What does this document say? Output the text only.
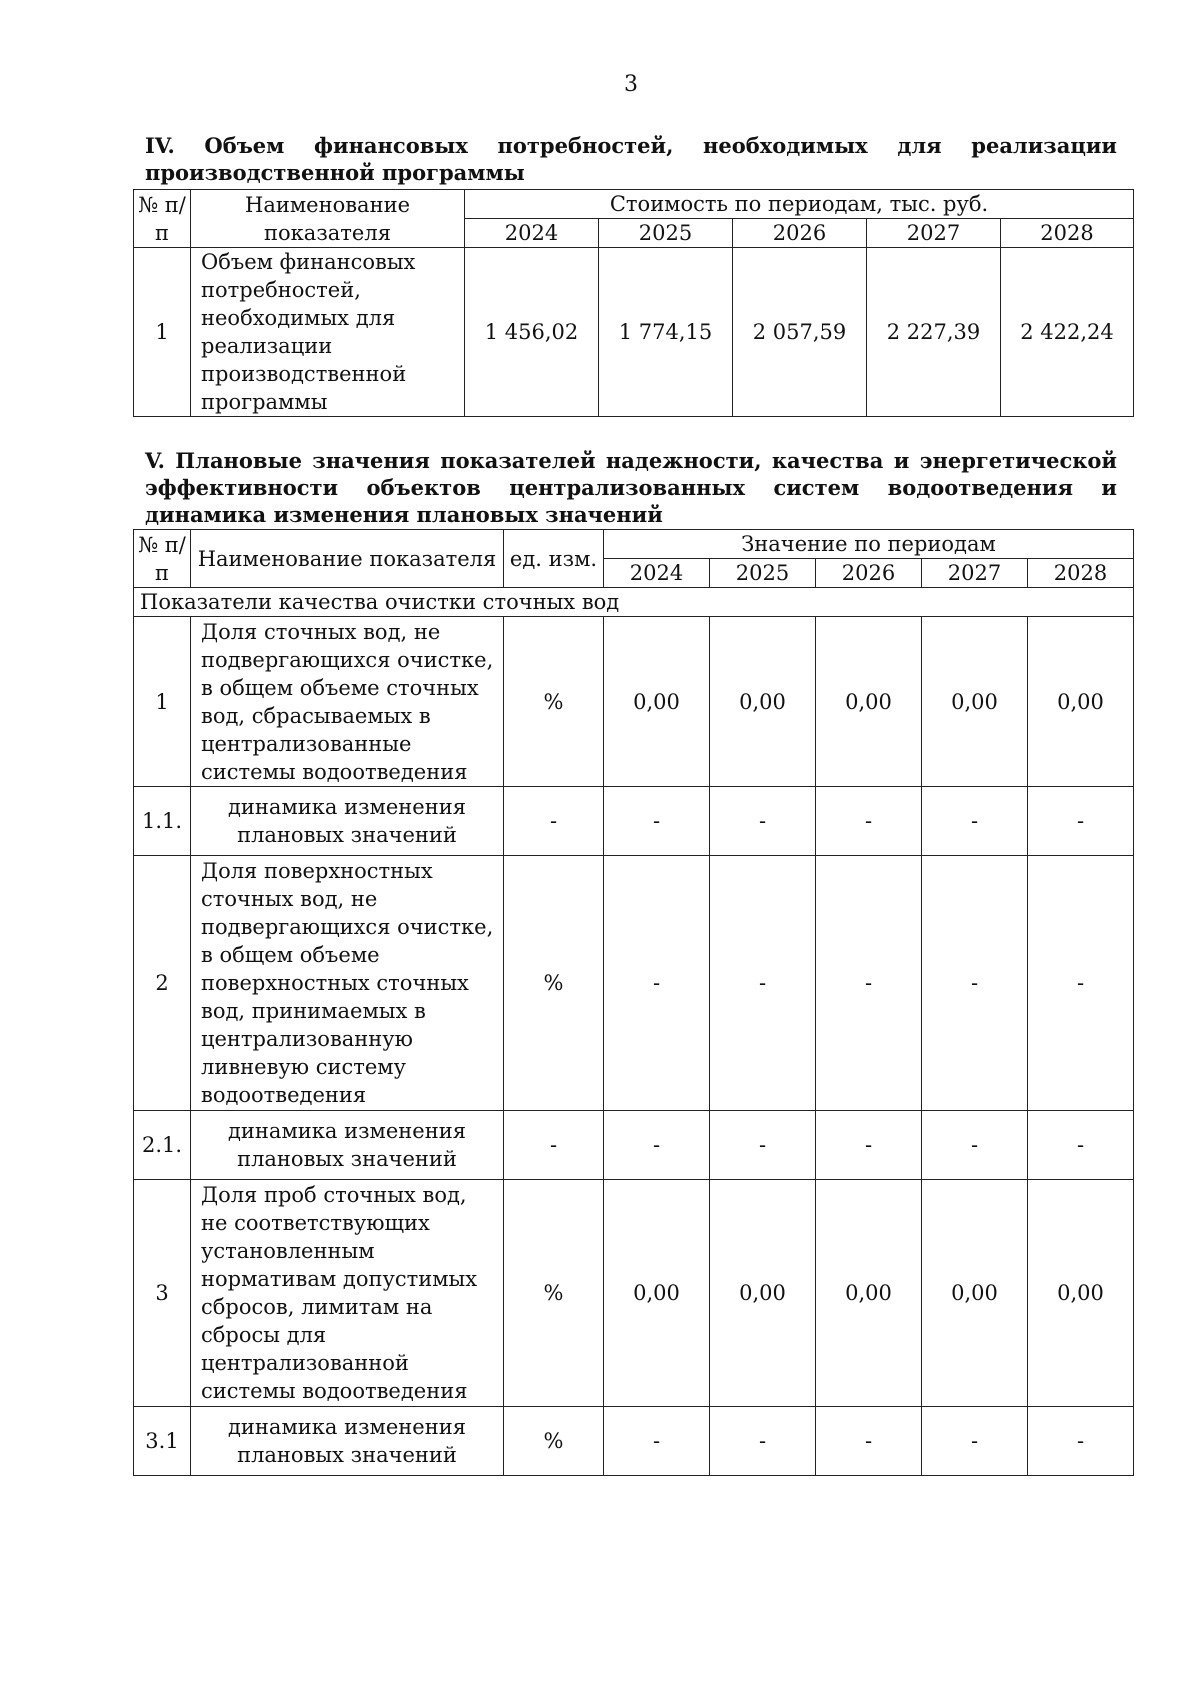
3
IV. Объем финансовых потребностей, необходимых для реализации производственной программы
№ п/п	Наименование показателя	Стоимость по периодам, тыс. руб.				
		2024	2025	2026	2027	2028
1	Объем финансовых потребностей, необходимых для реализации производственной программы	1 456,02	1 774,15	2 057,59	2 227,39	2 422,24
V. Плановые значения показателей надежности, качества и энергетической эффективности объектов централизованных систем водоотведения и динамика изменения плановых значений
№ п/п	Наименование показателя	ед. изм.	Значение по периодам				
			2024	2025	2026	2027	2028
Показатели качества очистки сточных вод							
1	Доля сточных вод, не подвергающихся очистке, в общем объеме сточных вод, сбрасываемых в централизованные системы водоотведения	%	0,00	0,00	0,00	0,00	0,00
1.1.	динамика изменения плановых значений	-	-	-	-	-	-
2	Доля поверхностных сточных вод, не подвергающихся очистке, в общем объеме поверхностных сточных вод, принимаемых в централизованную ливневую систему водоотведения	%	-	-	-	-	-
2.1.	динамика изменения плановых значений	-	-	-	-	-	-
3	Доля проб сточных вод, не соответствующих установленным нормативам допустимых сбросов, лимитам на сбросы для централизованной системы водоотведения	%	0,00	0,00	0,00	0,00	0,00
3.1	динамика изменения плановых значений	%	-	-	-	-	-
